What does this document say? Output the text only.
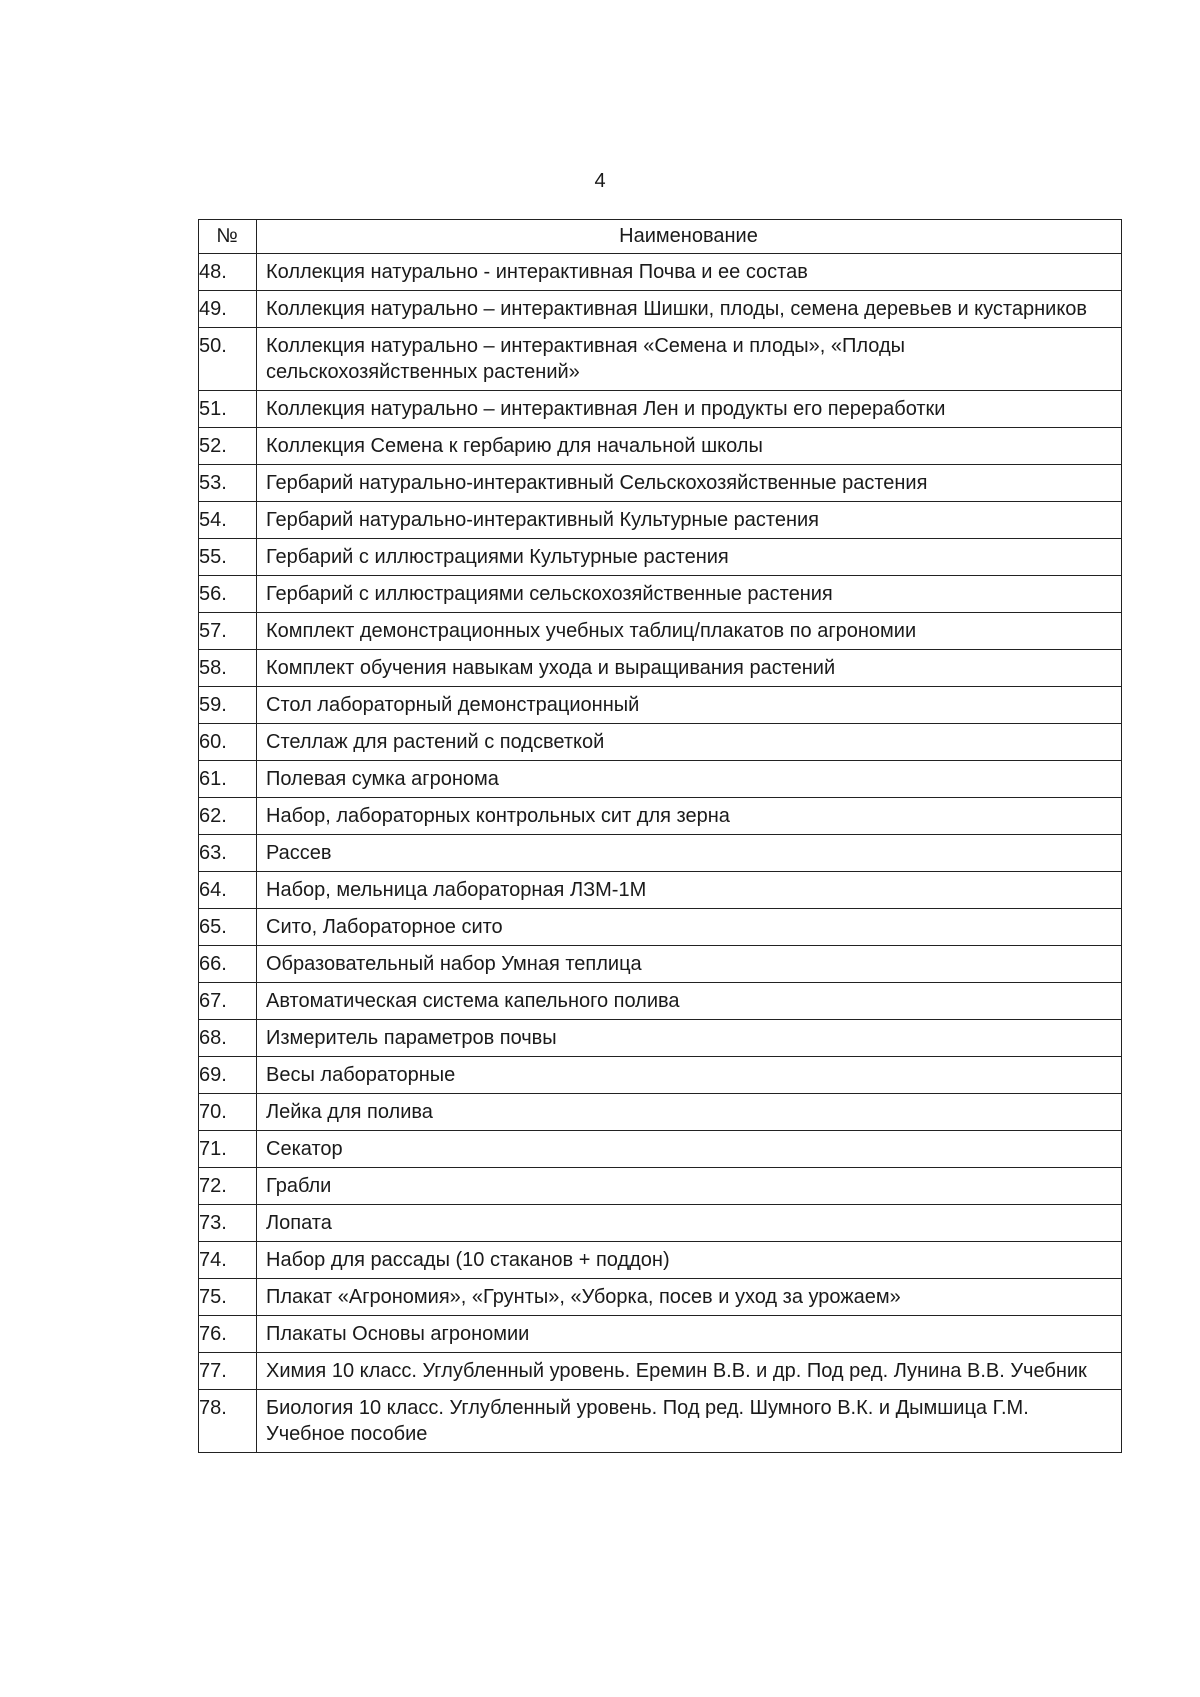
4
№	Наименование
48.	Коллекция натурально - интерактивная Почва и ее состав
49.	Коллекция натурально – интерактивная Шишки, плоды, семена деревьев и кустарников
50.	Коллекция натурально – интерактивная «Семена и плоды», «Плоды сельскохозяйственных растений»
51.	Коллекция натурально – интерактивная Лен и продукты его переработки
52.	Коллекция Семена к гербарию для начальной школы
53.	Гербарий натурально-интерактивный Сельскохозяйственные растения
54.	Гербарий натурально-интерактивный Культурные растения
55.	Гербарий с иллюстрациями Культурные растения
56.	Гербарий с иллюстрациями сельскохозяйственные растения
57.	Комплект демонстрационных учебных таблиц/плакатов по агрономии
58.	Комплект обучения навыкам ухода и выращивания растений
59.	Стол лабораторный демонстрационный
60.	Стеллаж для растений с подсветкой
61.	Полевая сумка агронома
62.	Набор, лабораторных контрольных сит для зерна
63.	Рассев
64.	Набор, мельница лабораторная ЛЗМ-1М
65.	Сито, Лабораторное сито
66.	Образовательный набор Умная теплица
67.	Автоматическая система капельного полива
68.	Измеритель параметров почвы
69.	Весы лабораторные
70.	Лейка для полива
71.	Секатор
72.	Грабли
73.	Лопата
74.	Набор для рассады (10 стаканов + поддон)
75.	Плакат «Агрономия», «Грунты», «Уборка, посев и уход за урожаем»
76.	Плакаты Основы агрономии
77.	Химия 10 класс. Углубленный уровень. Еремин В.В. и др. Под ред. Лунина В.В. Учебник
78.	Биология 10 класс. Углубленный уровень. Под ред. Шумного В.К. и Дымшица Г.М. Учебное пособие
